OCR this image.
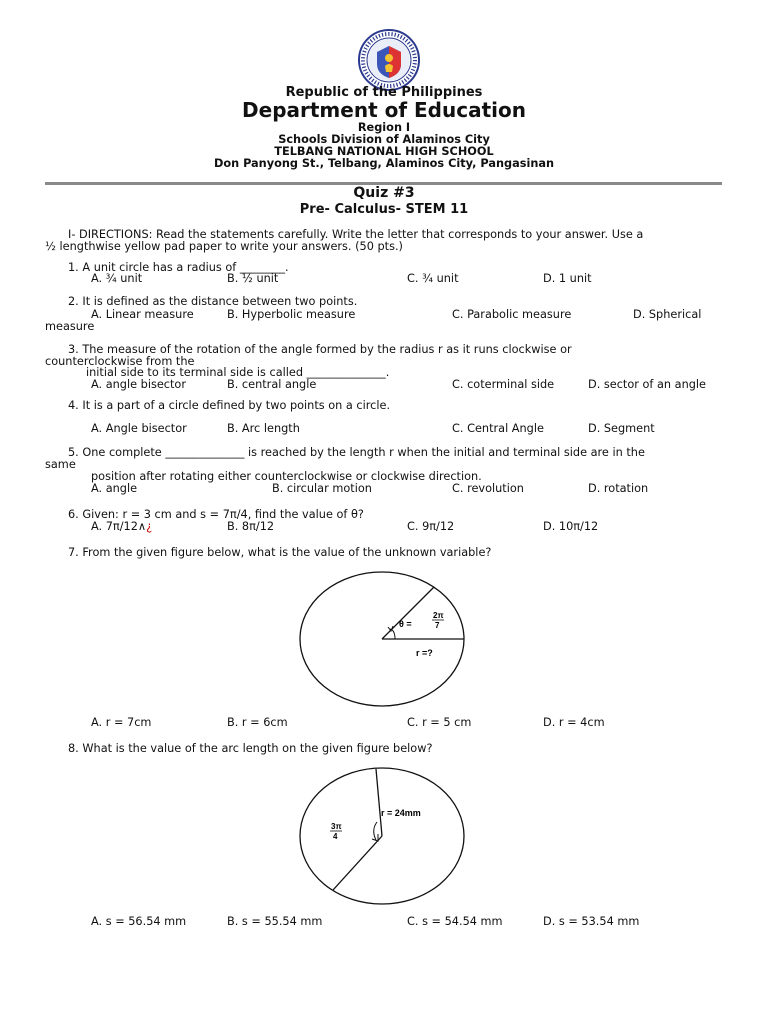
Republic of the Philippines
Department of Education
Region I
Schools Division of Alaminos City
TELBANG NATIONAL HIGH SCHOOL
Don Panyong St., Telbang, Alaminos City, Pangasinan
Quiz #3
Pre- Calculus- STEM 11
I- DIRECTIONS: Read the statements carefully. Write the letter that corresponds to your answer. Use a
½ lengthwise yellow pad paper to write your answers. (50 pts.)
1. A unit circle has a radius of ________.
A. ¾ unit	B. ½ unit	C. ¾ unit	D. 1 unit
2. It is defined as the distance between two points.
A. Linear measure	B. Hyperbolic measure	C. Parabolic measure	D. Spherical
measure
3. The measure of the rotation of the angle formed by the radius r as it runs clockwise or
counterclockwise from the
initial side to its terminal side is called ______________.
A. angle bisector	B. central angle	C. coterminal side	D. sector of an angle
4. It is a part of a circle defined by two points on a circle.
A. Angle bisector	B. Arc length	C. Central Angle	D. Segment
5. One complete ______________ is reached by the length r when the initial and terminal side are in the
same
position after rotating either counterclockwise or clockwise direction.
A. angle	B. circular motion	C. revolution	D. rotation
6. Given: r = 3 cm and s = 7π/4, find the value of θ?
A. 7π/12∧¿	B. 8π/12	C. 9π/12	D. 10π/12
7. From the given figure below, what is the value of the unknown variable?
θ =
2π
7
r =?
A. r = 7cm	B. r = 6cm	C. r = 5 cm	D. r = 4cm
8. What is the value of the arc length on the given figure below?
r = 24mm
3π
4
A. s = 56.54 mm	B. s = 55.54 mm	C. s = 54.54 mm	D. s = 53.54 mm
